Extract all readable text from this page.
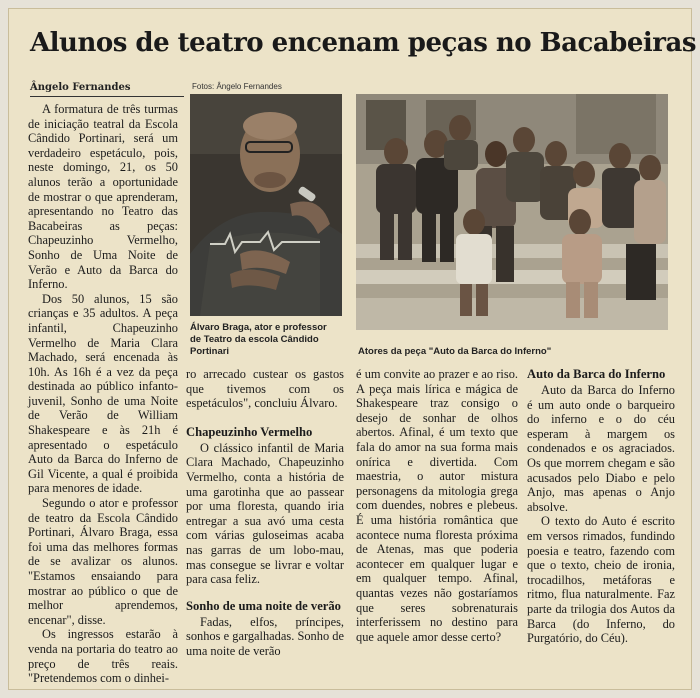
Alunos de teatro encenam peças no Bacabeiras
Ângelo Fernandes	Fotos: Ângelo Fernandes
Álvaro Braga, ator e professor de Teatro da escola Cândido Portinari	Atores da peça "Auto da Barca do Inferno"

A formatura de três turmas de iniciação teatral da Escola Cândido Portinari, será um verdadeiro espetáculo, pois, neste domingo, 21, os 50 alunos terão a oportunidade de mostrar o que aprenderam, apresentando no Teatro das Bacabeiras as peças: Chapeuzinho Vermelho, Sonho de Uma Noite de Verão e Auto da Barca do Inferno.

Dos 50 alunos, 15 são crianças e 35 adultos. A peça infantil, Chapeuzinho Vermelho de Maria Clara Machado, será encenada às 10h. As 16h é a vez da peça destinada ao público infanto-juvenil, Sonho de uma Noite de Verão de William Shakespeare e às 21h é apresentado o espetáculo Auto da Barca do Inferno de Gil Vicente, a qual é proibida para menores de idade.

Segundo o ator e professor de teatro da Escola Cândido Portinari, Álvaro Braga, essa foi uma das melhores formas de se avalizar os alunos. "Estamos ensaiando para mostrar ao público o que de melhor aprendemos, encenar", disse.

Os ingressos estarão à venda na portaria do teatro ao preço de três reais. "Pretendemos com o dinhei-

ro arrecado custear os gastos que tivemos com os espetáculos", concluiu Álvaro.

Chapeuzinho Vermelho

O clássico infantil de Maria Clara Machado, Chapeuzinho Vermelho, conta a história de uma garotinha que ao passear por uma floresta, quando iria entregar a sua avó uma cesta com várias guloseimas acaba nas garras de um lobo-mau, mas consegue se livrar e voltar para casa feliz.

Sonho de uma noite de verão

Fadas, elfos, príncipes, sonhos e gargalhadas. Sonho de uma noite de verão

é um convite ao prazer e ao riso. A peça mais lírica e mágica de Shakespeare traz consigo o desejo de sonhar de olhos abertos. Afinal, é um texto que fala do amor na sua forma mais onírica e divertida. Com maestria, o autor mistura personagens da mitologia grega com duendes, nobres e plebeus. É uma história romântica que acontece numa floresta próxima de Atenas, mas que poderia acontecer em qualquer lugar e em qualquer tempo. Afinal, quantas vezes não gostaríamos que seres sobrenaturais interferissem no destino para que aquele amor desse certo?

Auto da Barca do Inferno

Auto da Barca do Inferno é um auto onde o barqueiro do inferno e o do céu esperam à margem os condenados e os agraciados. Os que morrem chegam e são acusados pelo Diabo e pelo Anjo, mas apenas o Anjo absolve.

O texto do Auto é escrito em versos rimados, fundindo poesia e teatro, fazendo com que o texto, cheio de ironia, trocadilhos, metáforas e ritmo, flua naturalmente. Faz parte da trilogia dos Autos da Barca (do Inferno, do Purgatório, do Céu).
